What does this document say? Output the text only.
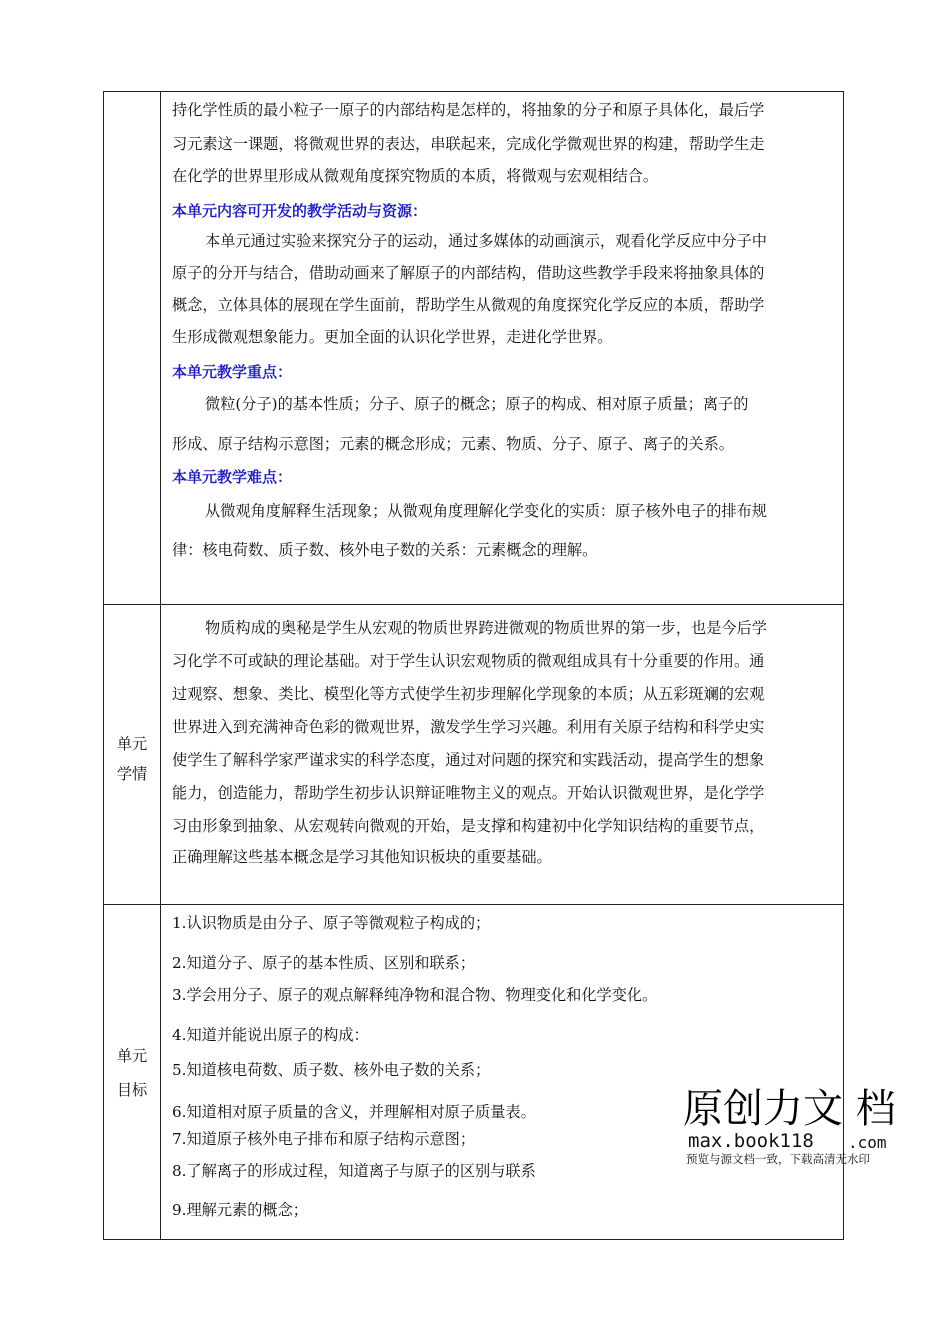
持化学性质的最小粒子一原子的内部结构是怎样的，将抽象的分子和原子具体化，最后学
习元素这一课题，将微观世界的表达，串联起来，完成化学微观世界的构建，帮助学生走
在化学的世界里形成从微观角度探究物质的本质，将微观与宏观相结合。
本单元内容可开发的教学活动与资源：
本单元通过实验来探究分子的运动，通过多媒体的动画演示，观看化学反应中分子中
原子的分开与结合，借助动画来了解原子的内部结构，借助这些教学手段来将抽象具体的
概念，立体具体的展现在学生面前，帮助学生从微观的角度探究化学反应的本质，帮助学
生形成微观想象能力。更加全面的认识化学世界，走进化学世界。
本单元教学重点：
微粒(分子)的基本性质；分子、原子的概念；原子的构成、相对原子质量；离子的
形成、原子结构示意图；元素的概念形成；元素、物质、分子、原子、离子的关系。
本单元教学难点：
从微观角度解释生活现象；从微观角度理解化学变化的实质：原子核外电子的排布规
律：核电荷数、质子数、核外电子数的关系：元素概念的理解。
单元
学情
物质构成的奥秘是学生从宏观的物质世界跨进微观的物质世界的第一步，也是今后学
习化学不可或缺的理论基础。对于学生认识宏观物质的微观组成具有十分重要的作用。通
过观察、想象、类比、模型化等方式使学生初步理解化学现象的本质；从五彩斑斓的宏观
世界进入到充满神奇色彩的微观世界，激发学生学习兴趣。利用有关原子结构和科学史实
使学生了解科学家严谨求实的科学态度，通过对问题的探究和实践活动，提高学生的想象
能力，创造能力，帮助学生初步认识辩证唯物主义的观点。开始认识微观世界，是化学学
习由形象到抽象、从宏观转向微观的开始，是支撑和构建初中化学知识结构的重要节点，
正确理解这些基本概念是学习其他知识板块的重要基础。
单元
目标
1.认识物质是由分子、原子等微观粒子构成的；
2.知道分子、原子的基本性质、区别和联系；
3.学会用分子、原子的观点解释纯净物和混合物、物理变化和化学变化。
4.知道并能说出原子的构成：
5.知道核电荷数、质子数、核外电子数的关系；
6.知道相对原子质量的含义，并理解相对原子质量表。
7.知道原子核外电子排布和原子结构示意图；
8.了解离子的形成过程，知道离子与原子的区别与联系
9.理解元素的概念；
原创力文 档
max.book118 .com
预览与源文档一致，下载高清无水印
